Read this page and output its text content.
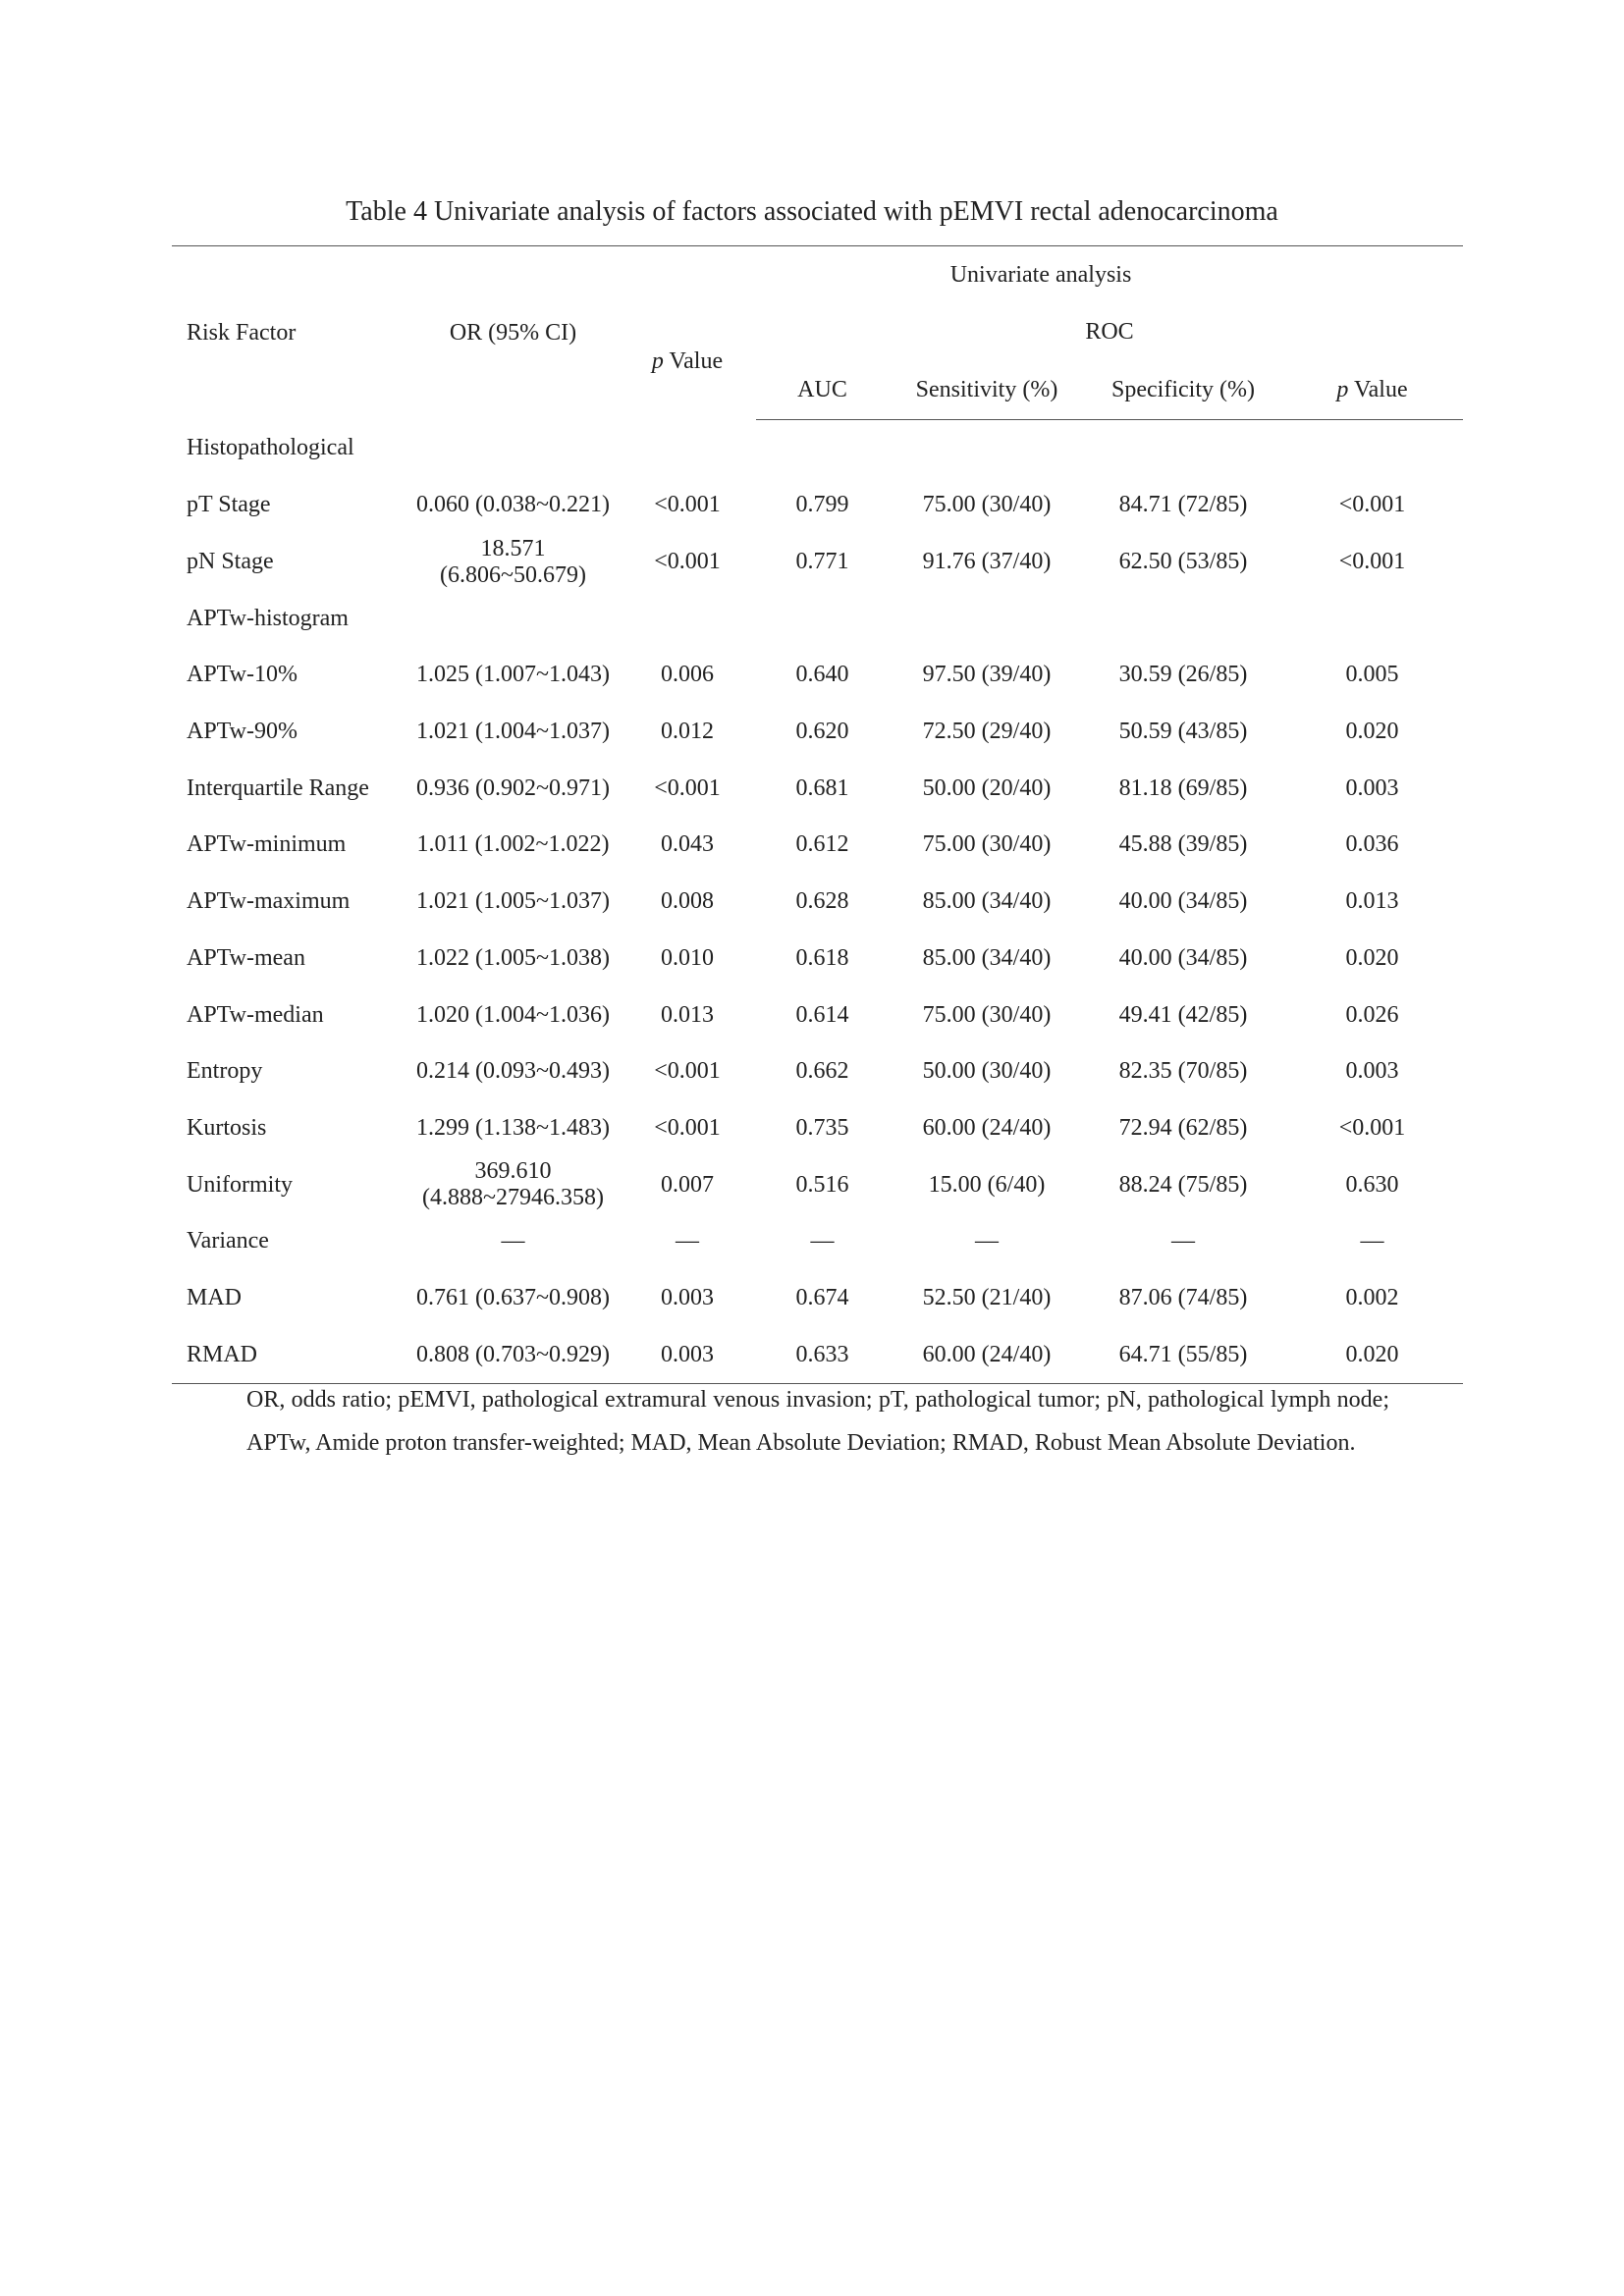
Table 4 Univariate analysis of factors associated with pEMVI rectal adenocarcinoma
Risk Factor	OR (95% CI)	Univariate analysis				
		p Value	ROC			
			AUC	Sensitivity (%)	Specificity (%)	p Value
Histopathological						
pT Stage	0.060 (0.038~0.221)	<0.001	0.799	75.00 (30/40)	84.71 (72/85)	<0.001
pN Stage	18.571 (6.806~50.679)	<0.001	0.771	91.76 (37/40)	62.50 (53/85)	<0.001
APTw-histogram						
APTw-10%	1.025 (1.007~1.043)	0.006	0.640	97.50 (39/40)	30.59 (26/85)	0.005
APTw-90%	1.021 (1.004~1.037)	0.012	0.620	72.50 (29/40)	50.59 (43/85)	0.020
Interquartile Range	0.936 (0.902~0.971)	<0.001	0.681	50.00 (20/40)	81.18 (69/85)	0.003
APTw-minimum	1.011 (1.002~1.022)	0.043	0.612	75.00 (30/40)	45.88 (39/85)	0.036
APTw-maximum	1.021 (1.005~1.037)	0.008	0.628	85.00 (34/40)	40.00 (34/85)	0.013
APTw-mean	1.022 (1.005~1.038)	0.010	0.618	85.00 (34/40)	40.00 (34/85)	0.020
APTw-median	1.020 (1.004~1.036)	0.013	0.614	75.00 (30/40)	49.41 (42/85)	0.026
Entropy	0.214 (0.093~0.493)	<0.001	0.662	50.00 (30/40)	82.35 (70/85)	0.003
Kurtosis	1.299 (1.138~1.483)	<0.001	0.735	60.00 (24/40)	72.94 (62/85)	<0.001
Uniformity	369.610
(4.888~27946.358)	0.007	0.516	15.00 (6/40)	88.24 (75/85)	0.630
Variance	—	—	—	—	—	—
MAD	0.761 (0.637~0.908)	0.003	0.674	52.50 (21/40)	87.06 (74/85)	0.002
RMAD	0.808 (0.703~0.929)	0.003	0.633	60.00 (24/40)	64.71 (55/85)	0.020

OR, odds ratio; pEMVI, pathological extramural venous invasion; pT, pathological tumor; pN, pathological lymph node; APTw, Amide proton transfer-weighted; MAD, Mean Absolute Deviation; RMAD, Robust Mean Absolute Deviation.
